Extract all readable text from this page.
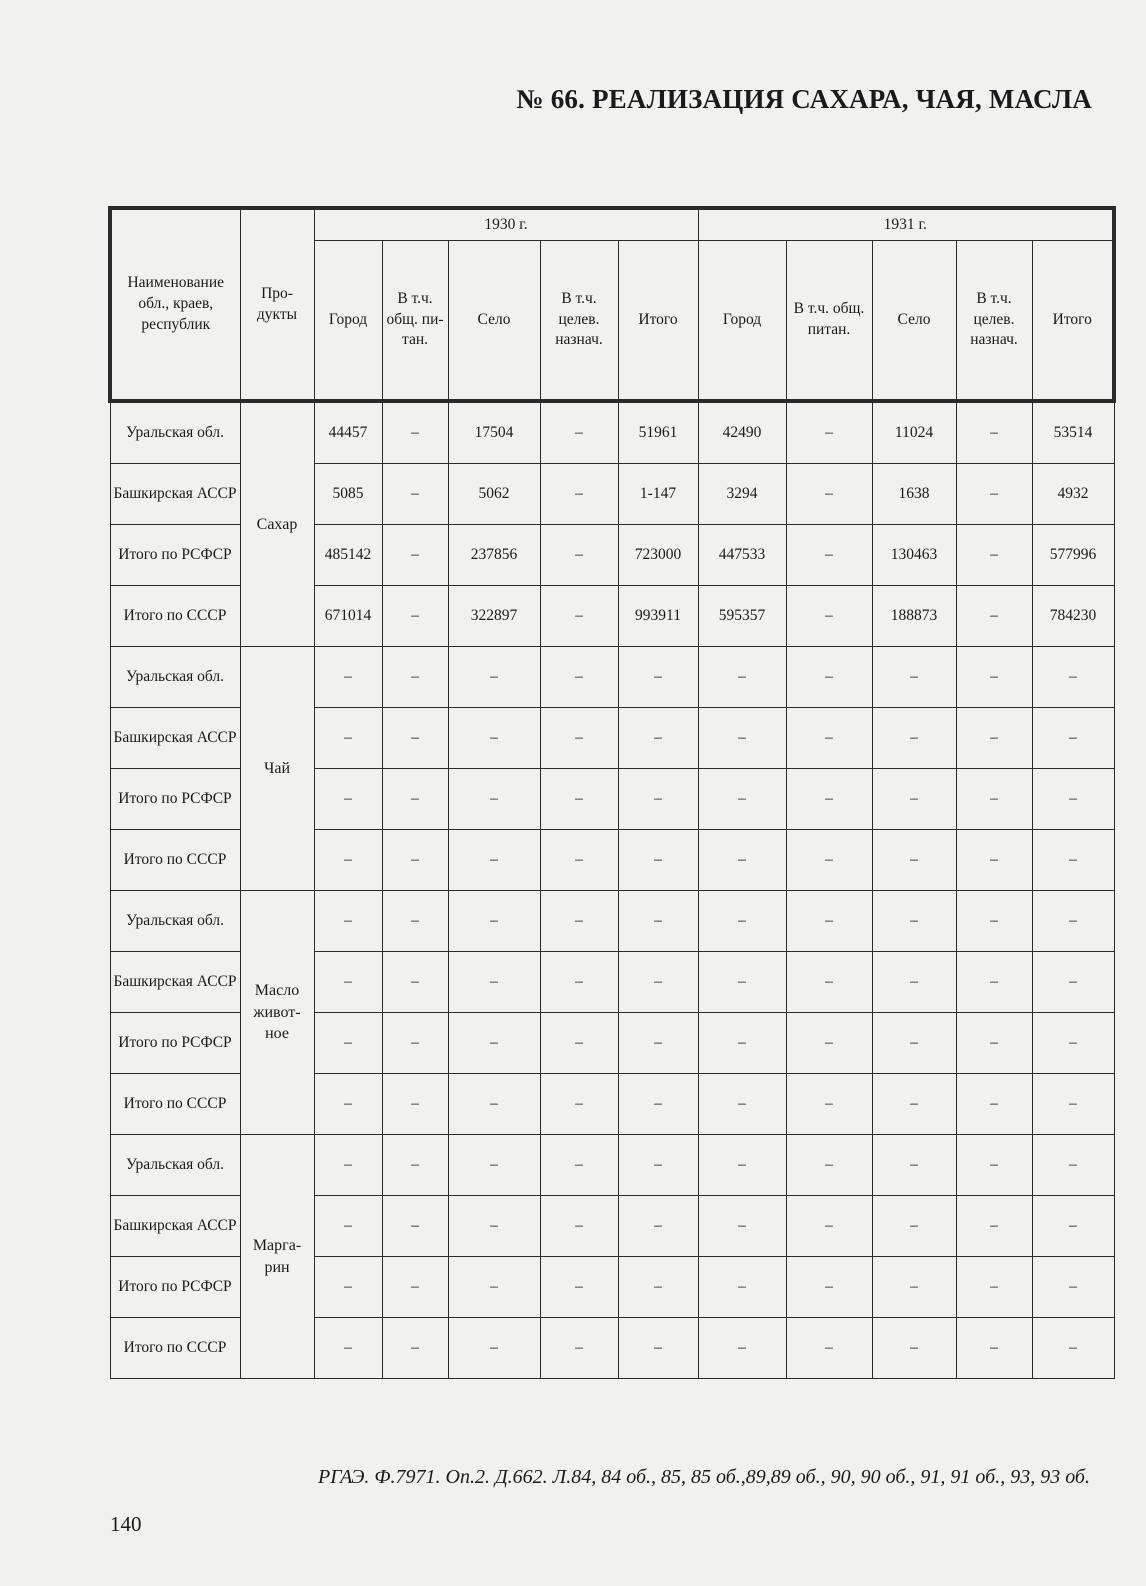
№ 66. РЕАЛИЗАЦИЯ САХАРА, ЧАЯ, МАСЛА
Наименование обл., краев, республик	Про-дукты	1930 г.					1931 г.				
		Город	В т.ч. общ. пи-тан.	Село	В т.ч. целев. назнач.	Итого	Город	В т.ч. общ. питан.	Село	В т.ч. целев. назнач.	Итого
Уральская обл.	Сахар	44457	–	17504	–	51961	42490	–	11024	–	53514
Башкирская АССР		5085	–	5062	–	1-147	3294	–	1638	–	4932
Итого по РСФСР		485142	–	237856	–	723000	447533	–	130463	–	577996
Итого по СССР		671014	–	322897	–	993911	595357	–	188873	–	784230
Уральская обл.	Чай	–	–	–	–	–	–	–	–	–	–
Башкирская АССР		–	–	–	–	–	–	–	–	–	–
Итого по РСФСР		–	–	–	–	–	–	–	–	–	–
Итого по СССР		–	–	–	–	–	–	–	–	–	–
Уральская обл.	Масло живот-ное	–	–	–	–	–	–	–	–	–	–
Башкирская АССР		–	–	–	–	–	–	–	–	–	–
Итого по РСФСР		–	–	–	–	–	–	–	–	–	–
Итого по СССР		–	–	–	–	–	–	–	–	–	–
Уральская обл.	Марга-рин	–	–	–	–	–	–	–	–	–	–
Башкирская АССР		–	–	–	–	–	–	–	–	–	–
Итого по РСФСР		–	–	–	–	–	–	–	–	–	–
Итого по СССР		–	–	–	–	–	–	–	–	–	–
РГАЭ. Ф.7971. Оп.2. Д.662. Л.84, 84 об., 85, 85 об.,89,89 об., 90, 90 об., 91, 91 об., 93, 93 об.
140
